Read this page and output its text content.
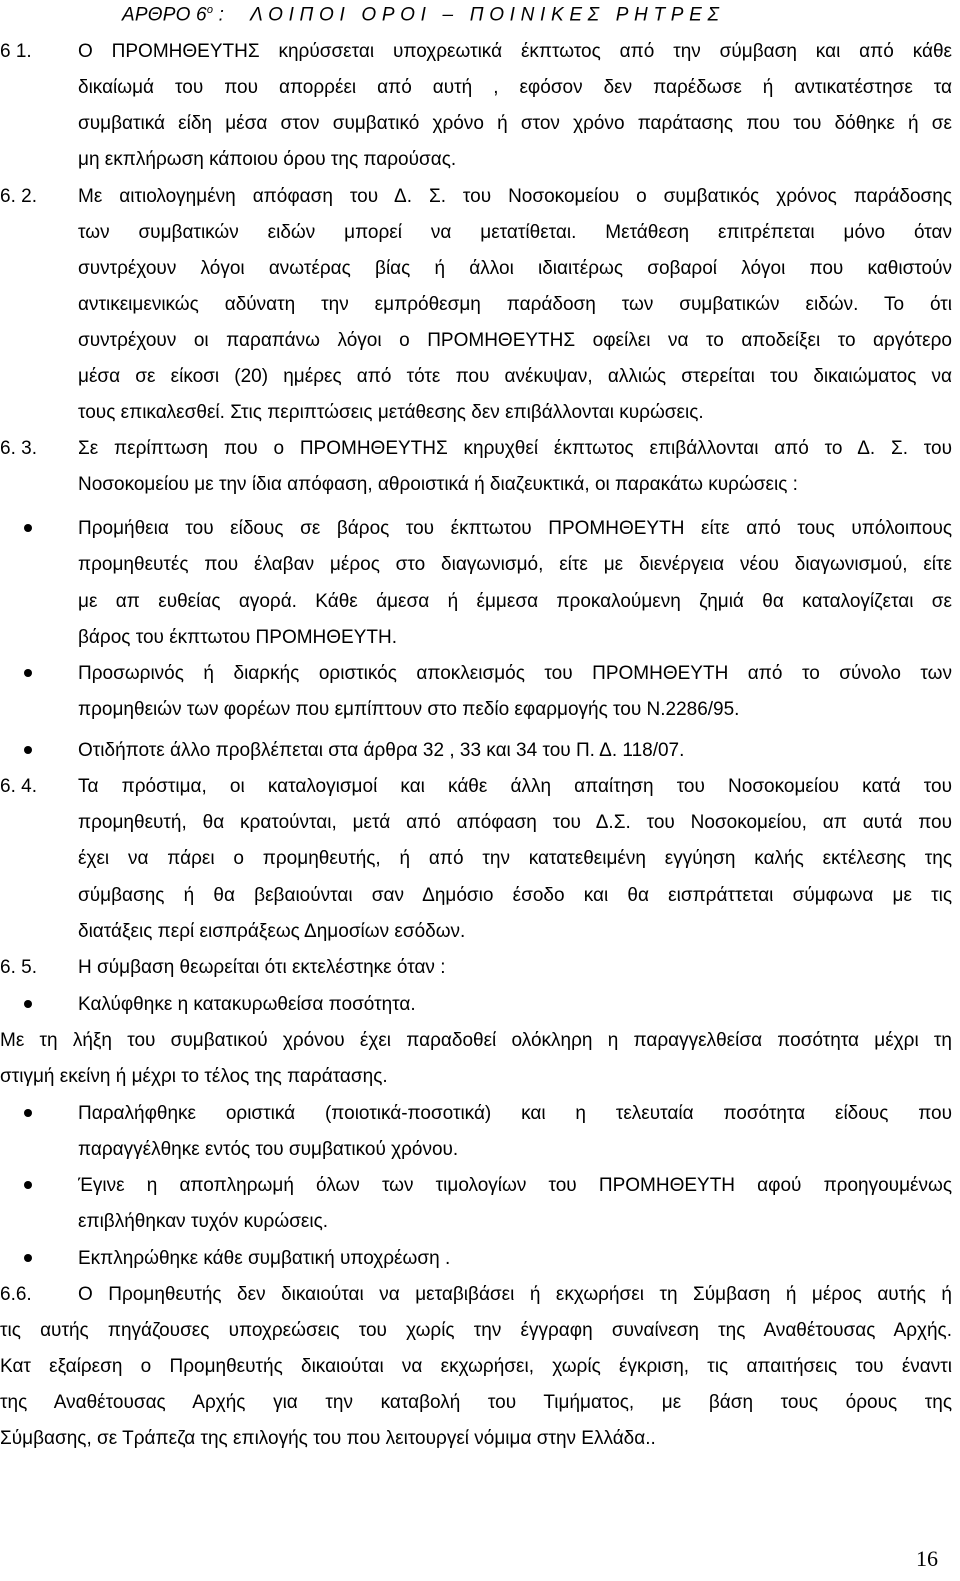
ΑΡΘΡΟ $6^o$ : Λ Ο Ι Π Ο Ι   Ο Ρ Ο Ι   –   Π Ο Ι Ν Ι Κ Ε Σ   Ρ Η Τ Ρ Ε Σ
6 1. Ο ΠΡΟΜΗΘΕΥΤΗΣ κηρύσσεται υποχρεωτικά έκπτωτος από την σύμβαση και από κάθε
δικαίωμά του που απορρέει από αυτή , εφόσον δεν παρέδωσε ή αντικατέστησε τα
συμβατικά είδη μέσα στον συμβατικό χρόνο ή στον χρόνο παράτασης που του δόθηκε ή σε
μη εκπλήρωση κάποιου όρου της παρούσας.
6. 2. Με αιτιολογημένη απόφαση του Δ. Σ. του Νοσοκομείου ο συμβατικός χρόνος παράδοσης
των συμβατικών ειδών μπορεί να μετατίθεται. Μετάθεση επιτρέπεται μόνο όταν
συντρέχουν λόγοι ανωτέρας βίας ή άλλοι ιδιαιτέρως σοβαροί λόγοι που καθιστούν
αντικειμενικώς αδύνατη την εμπρόθεσμη παράδοση των συμβατικών ειδών. Το ότι
συντρέχουν οι παραπάνω λόγοι ο ΠΡΟΜΗΘΕΥΤΗΣ οφείλει να το αποδείξει το αργότερο
μέσα σε είκοσι (20) ημέρες από τότε που ανέκυψαν, αλλιώς στερείται του δικαιώματος να
τους επικαλεσθεί. Στις περιπτώσεις μετάθεσης δεν επιβάλλονται κυρώσεις.
6. 3. Σε περίπτωση που ο ΠΡΟΜΗΘΕΥΤΗΣ κηρυχθεί έκπτωτος επιβάλλονται από το Δ. Σ. του
Νοσοκομείου με την ίδια απόφαση, αθροιστικά ή διαζευκτικά, οι παρακάτω κυρώσεις :
Προμήθεια του είδους σε βάρος του έκπτωτου ΠΡΟΜΗΘΕΥΤΗ είτε από τους υπόλοιπους
προμηθευτές που έλαβαν μέρος στο διαγωνισμό, είτε με διενέργεια νέου διαγωνισμού, είτε
με απ ευθείας αγορά. Κάθε άμεσα ή έμμεσα προκαλούμενη ζημιά θα καταλογίζεται σε
βάρος του έκπτωτου ΠΡΟΜΗΘΕΥΤΗ.
Προσωρινός ή διαρκής οριστικός αποκλεισμός του ΠΡΟΜΗΘΕΥΤΗ από το σύνολο των
προμηθειών των φορέων που εμπίπτουν στο πεδίο εφαρμογής του Ν.2286/95.
Οτιδήποτε άλλο προβλέπεται στα άρθρα 32 , 33 και 34 του Π. Δ. 118/07.
6. 4. Τα πρόστιμα, οι καταλογισμοί και κάθε άλλη απαίτηση του Νοσοκομείου κατά του
προμηθευτή, θα κρατούνται, μετά από απόφαση του Δ.Σ. του Νοσοκομείου, απ αυτά που
έχει να πάρει ο προμηθευτής, ή από την κατατεθειμένη εγγύηση καλής εκτέλεσης της
σύμβασης ή θα βεβαιούνται σαν Δημόσιο έσοδο και θα εισπράττεται σύμφωνα με τις
διατάξεις περί εισπράξεως Δημοσίων εσόδων.
6. 5. Η σύμβαση θεωρείται ότι εκτελέστηκε όταν :
Καλύφθηκε η κατακυρωθείσα ποσότητα.
Με τη λήξη του συμβατικού χρόνου έχει παραδοθεί ολόκληρη η παραγγελθείσα ποσότητα μέχρι τη
στιγμή εκείνη ή μέχρι το τέλος της παράτασης.
Παραλήφθηκε οριστικά (ποιοτικά-ποσοτικά) και η τελευταία ποσότητα είδους που
παραγγέλθηκε εντός του συμβατικού χρόνου.
Έγινε η αποπληρωμή όλων των τιμολογίων του ΠΡΟΜΗΘΕΥΤΗ αφού προηγουμένως
επιβλήθηκαν τυχόν κυρώσεις.
Εκπληρώθηκε κάθε συμβατική υποχρέωση .
6.6. Ο Προμηθευτής δεν δικαιούται να μεταβιβάσει ή εκχωρήσει τη Σύμβαση ή μέρος αυτής ή
τις αυτής πηγάζουσες υποχρεώσεις του χωρίς την έγγραφη συναίνεση της Αναθέτουσας Αρχής.
Κατ εξαίρεση ο Προμηθευτής δικαιούται να εκχωρήσει, χωρίς έγκριση, τις απαιτήσεις του έναντι
της Αναθέτουσας Αρχής για την καταβολή του Τιμήματος, με βάση τους όρους της
Σύμβασης, σε Τράπεζα της επιλογής του που λειτουργεί νόμιμα στην Ελλάδα..
16
